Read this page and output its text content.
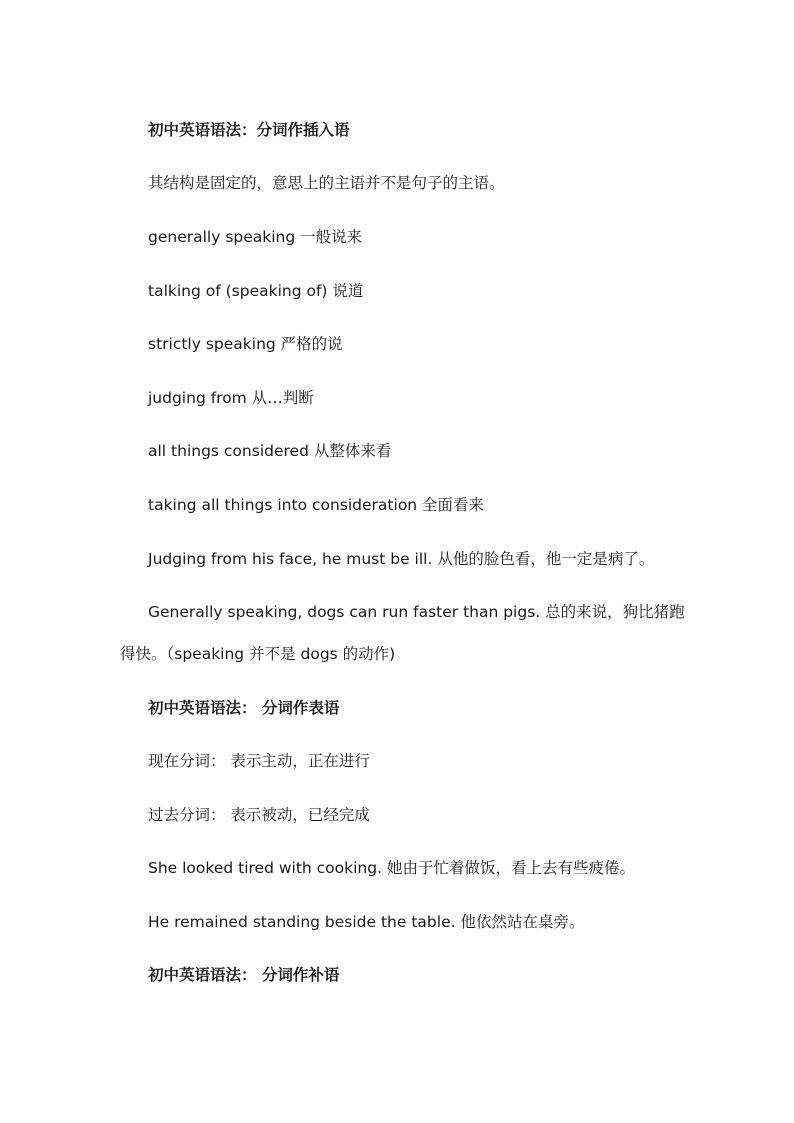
初中英语语法：分词作插入语
其结构是固定的，意思上的主语并不是句子的主语。
generally speaking 一般说来
talking of (speaking of) 说道
strictly speaking 严格的说
judging from 从…判断
all things considered 从整体来看
taking all things into consideration 全面看来
Judging from his face, he must be ill. 从他的脸色看，他一定是病了。
Generally speaking, dogs can run faster than pigs. 总的来说，狗比猪跑
得快。（speaking 并不是 dogs 的动作)
初中英语语法： 分词作表语
现在分词： 表示主动，正在进行
过去分词： 表示被动，已经完成
She looked tired with cooking. 她由于忙着做饭，看上去有些疲倦。
He remained standing beside the table. 他依然站在桌旁。
初中英语语法： 分词作补语
